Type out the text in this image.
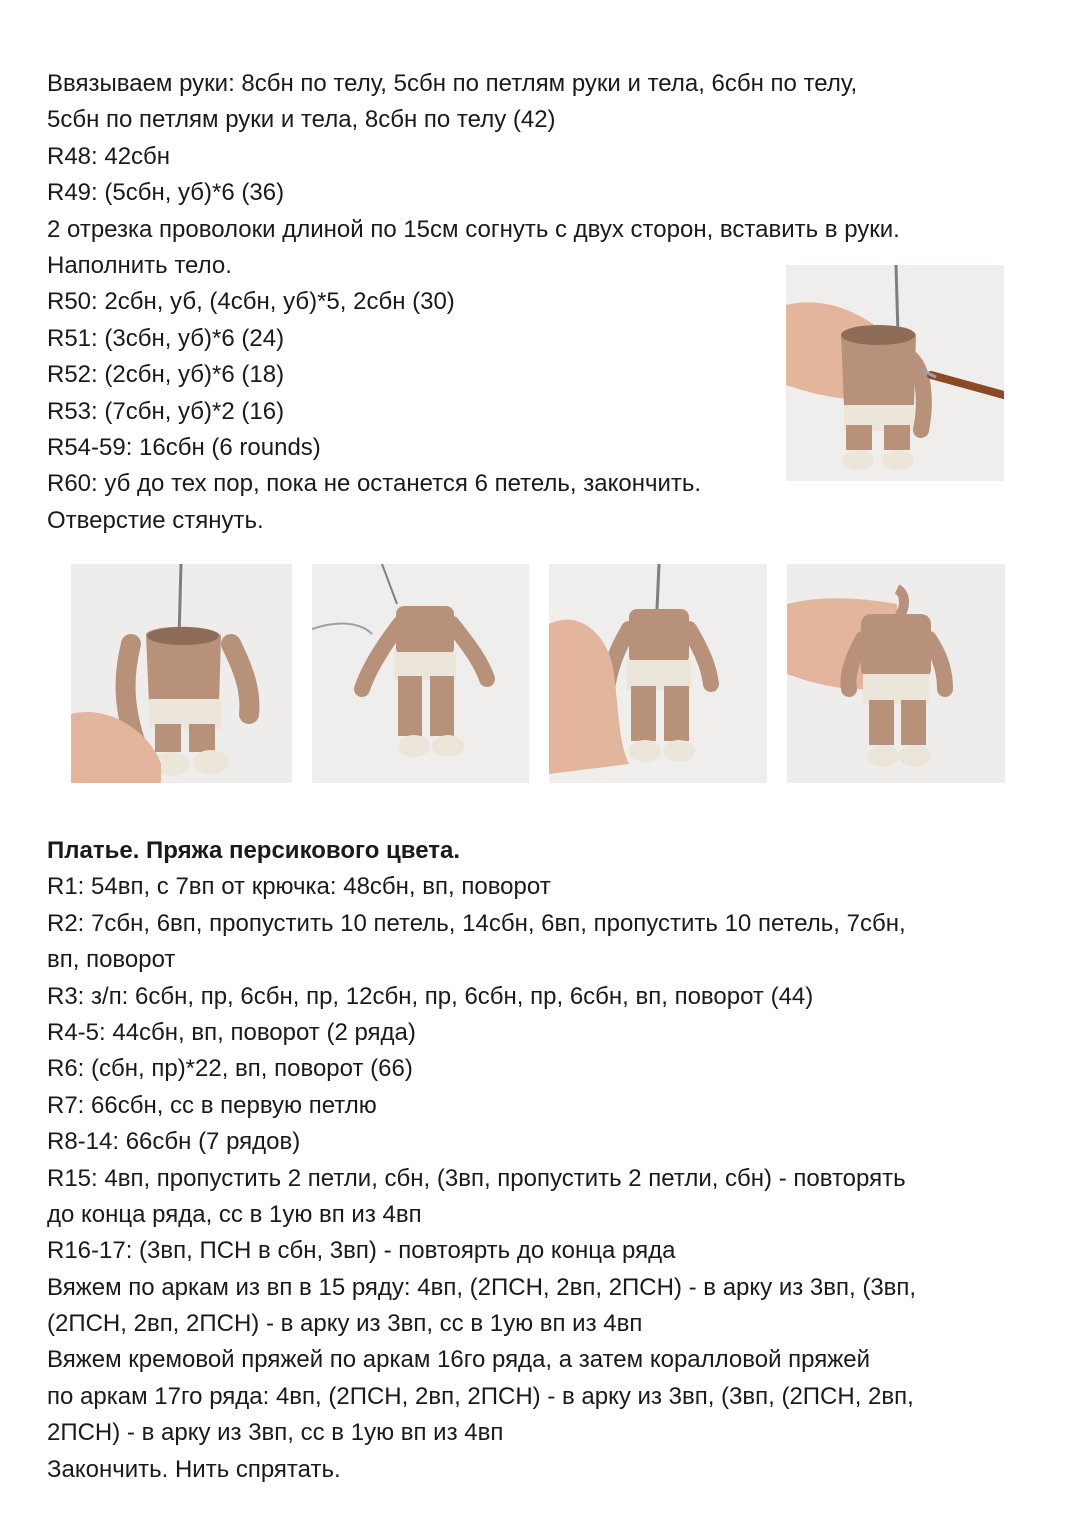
Ввязываем руки: 8сбн по телу, 5сбн по петлям руки и тела, 6сбн по телу,
5сбн по петлям руки и тела, 8сбн по телу (42)
R48: 42сбн
R49: (5сбн, уб)*6 (36)
2 отрезка проволоки длиной по 15см согнуть с двух сторон, вставить в руки.
Наполнить тело.
R50: 2сбн, уб, (4сбн, уб)*5, 2сбн (30)
R51: (3сбн, уб)*6 (24)
R52: (2сбн, уб)*6 (18)
R53: (7сбн, уб)*2 (16)
R54-59: 16сбн (6 rounds)
R60: уб до тех пор, пока не останется 6 петель, закончить.
Отверстие стянуть.
Платье. Пряжа персикового цвета.
R1: 54вп, с 7вп от крючка: 48сбн, вп, поворот
R2: 7сбн, 6вп, пропустить 10 петель, 14сбн, 6вп, пропустить 10 петель, 7сбн,
вп, поворот
R3: з/п: 6сбн, пр, 6сбн, пр, 12сбн, пр, 6сбн, пр, 6сбн, вп, поворот (44)
R4-5: 44сбн, вп, поворот (2 ряда)
R6: (сбн, пр)*22, вп, поворот (66)
R7: 66сбн, сс в первую петлю
R8-14: 66сбн (7 рядов)
R15: 4вп, пропустить 2 петли, сбн, (3вп, пропустить 2 петли, сбн) - повторять
до конца ряда, сс в 1ую вп из 4вп
R16-17: (3вп, ПСН в сбн, 3вп) - повтоярть до конца ряда
Вяжем по аркам из вп в 15 ряду: 4вп, (2ПСН, 2вп, 2ПСН) - в арку из 3вп, (3вп,
(2ПСН, 2вп, 2ПСН) - в арку из 3вп, сс в 1ую вп из 4вп
Вяжем кремовой пряжей по аркам 16го ряда, а затем коралловой пряжей
по аркам 17го ряда: 4вп, (2ПСН, 2вп, 2ПСН) - в арку из 3вп, (3вп, (2ПСН, 2вп,
2ПСН) - в арку из 3вп, сс в 1ую вп из 4вп
Закончить. Нить спрятать.
